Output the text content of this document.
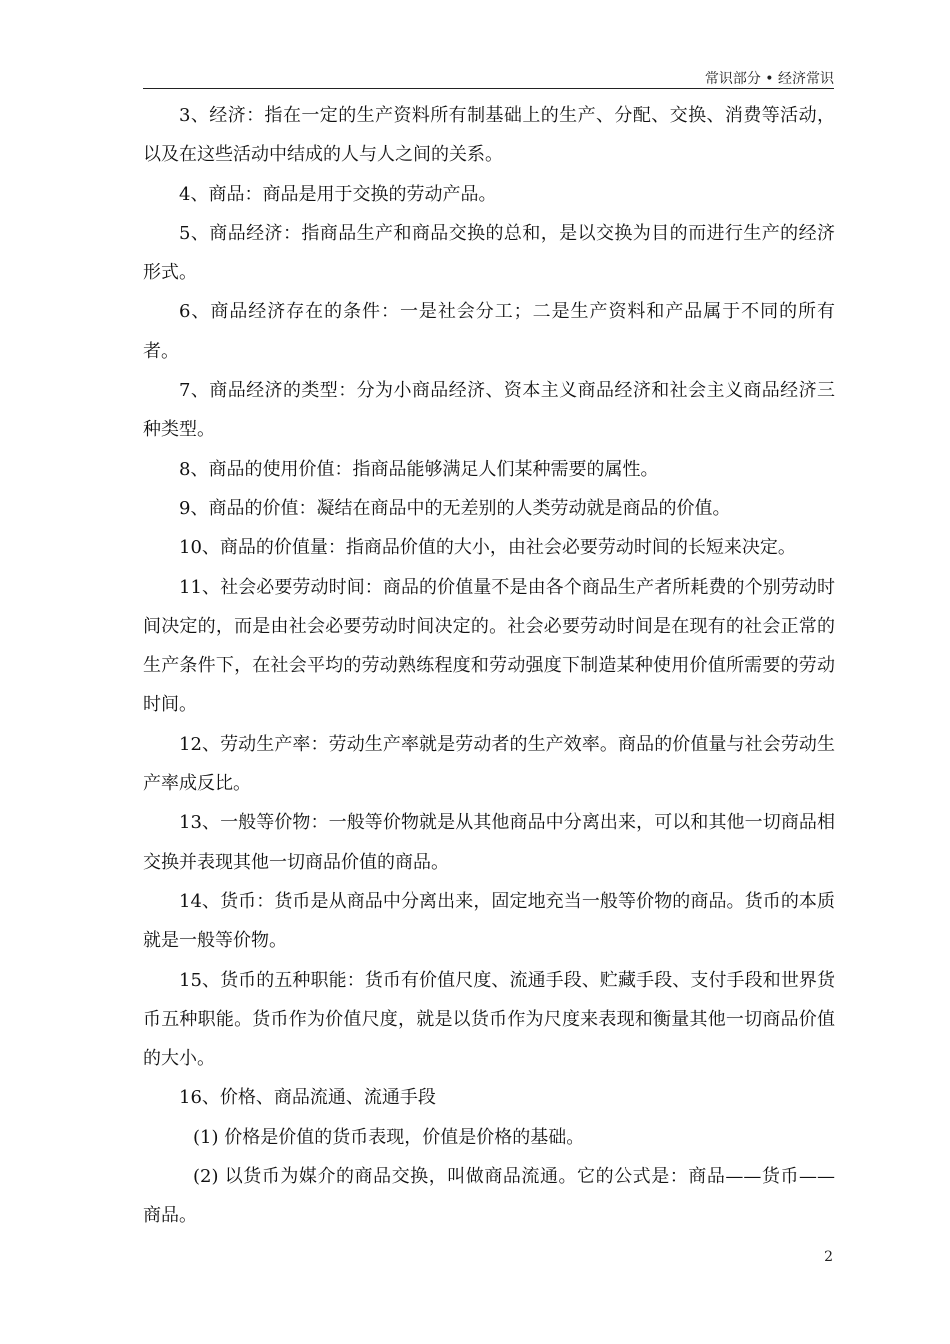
常识部分 • 经济常识

3、经济：指在一定的生产资料所有制基础上的生产、分配、交换、消费等活动，以及在这些活动中结成的人与人之间的关系。

4、商品：商品是用于交换的劳动产品。

5、商品经济：指商品生产和商品交换的总和，是以交换为目的而进行生产的经济形式。

6、商品经济存在的条件：一是社会分工；二是生产资料和产品属于不同的所有者。

7、商品经济的类型：分为小商品经济、资本主义商品经济和社会主义商品经济三种类型。

8、商品的使用价值：指商品能够满足人们某种需要的属性。

9、商品的价值：凝结在商品中的无差别的人类劳动就是商品的价值。

10、商品的价值量：指商品价值的大小，由社会必要劳动时间的长短来决定。

11、社会必要劳动时间：商品的价值量不是由各个商品生产者所耗费的个别劳动时间决定的，而是由社会必要劳动时间决定的。社会必要劳动时间是在现有的社会正常的生产条件下，在社会平均的劳动熟练程度和劳动强度下制造某种使用价值所需要的劳动时间。

12、劳动生产率：劳动生产率就是劳动者的生产效率。商品的价值量与社会劳动生产率成反比。

13、一般等价物：一般等价物就是从其他商品中分离出来，可以和其他一切商品相交换并表现其他一切商品价值的商品。

14、货币：货币是从商品中分离出来，固定地充当一般等价物的商品。货币的本质就是一般等价物。

15、货币的五种职能：货币有价值尺度、流通手段、贮藏手段、支付手段和世界货币五种职能。货币作为价值尺度，就是以货币作为尺度来表现和衡量其他一切商品价值的大小。

16、价格、商品流通、流通手段

(1) 价格是价值的货币表现，价值是价格的基础。

(2) 以货币为媒介的商品交换，叫做商品流通。它的公式是：商品——货币——商品。

2
